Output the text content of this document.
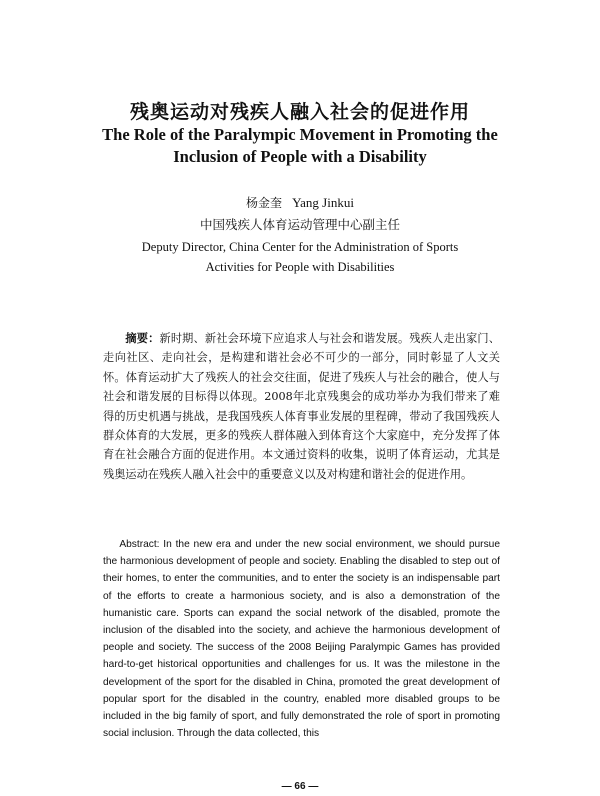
残奥运动对残疾人融入社会的促进作用
The Role of the Paralympic Movement in Promoting the
Inclusion of People with a Disability
杨金奎 Yang Jinkui
中国残疾人体育运动管理中心副主任
Deputy Director, China Center for the Administration of Sports
Activities for People with Disabilities

摘要：新时期、新社会环境下应追求人与社会和谐发展。残疾人走出家门、走向社区、走向社会，是构建和谐社会必不可少的一部分，同时彰显了人文关怀。体育运动扩大了残疾人的社会交往面，促进了残疾人与社会的融合，使人与社会和谐发展的目标得以体现。2008年北京残奥会的成功举办为我们带来了难得的历史机遇与挑战，是我国残疾人体育事业发展的里程碑，带动了我国残疾人群众体育的大发展，更多的残疾人群体融入到体育这个大家庭中，充分发挥了体育在社会融合方面的促进作用。本文通过资料的收集，说明了体育运动，尤其是残奥运动在残疾人融入社会中的重要意义以及对构建和谐社会的促进作用。

Abstract: In the new era and under the new social environment, we should pursue the harmonious development of people and society. Enabling the disabled to step out of their homes, to enter the communities, and to enter the society is an indispensable part of the efforts to create a harmonious society, and is also a demonstration of the humanistic care. Sports can expand the social network of the disabled, promote the inclusion of the disabled into the society, and achieve the harmonious development of people and society. The success of the 2008 Beijing Paralympic Games has provided hard-to-get historical opportunities and challenges for us. It was the milestone in the development of the sport for the disabled in China, promoted the great development of popular sport for the disabled in the country, enabled more disabled groups to be included in the big family of sport, and fully demonstrated the role of sport in promoting social inclusion. Through the data collected, this

— 66 —
